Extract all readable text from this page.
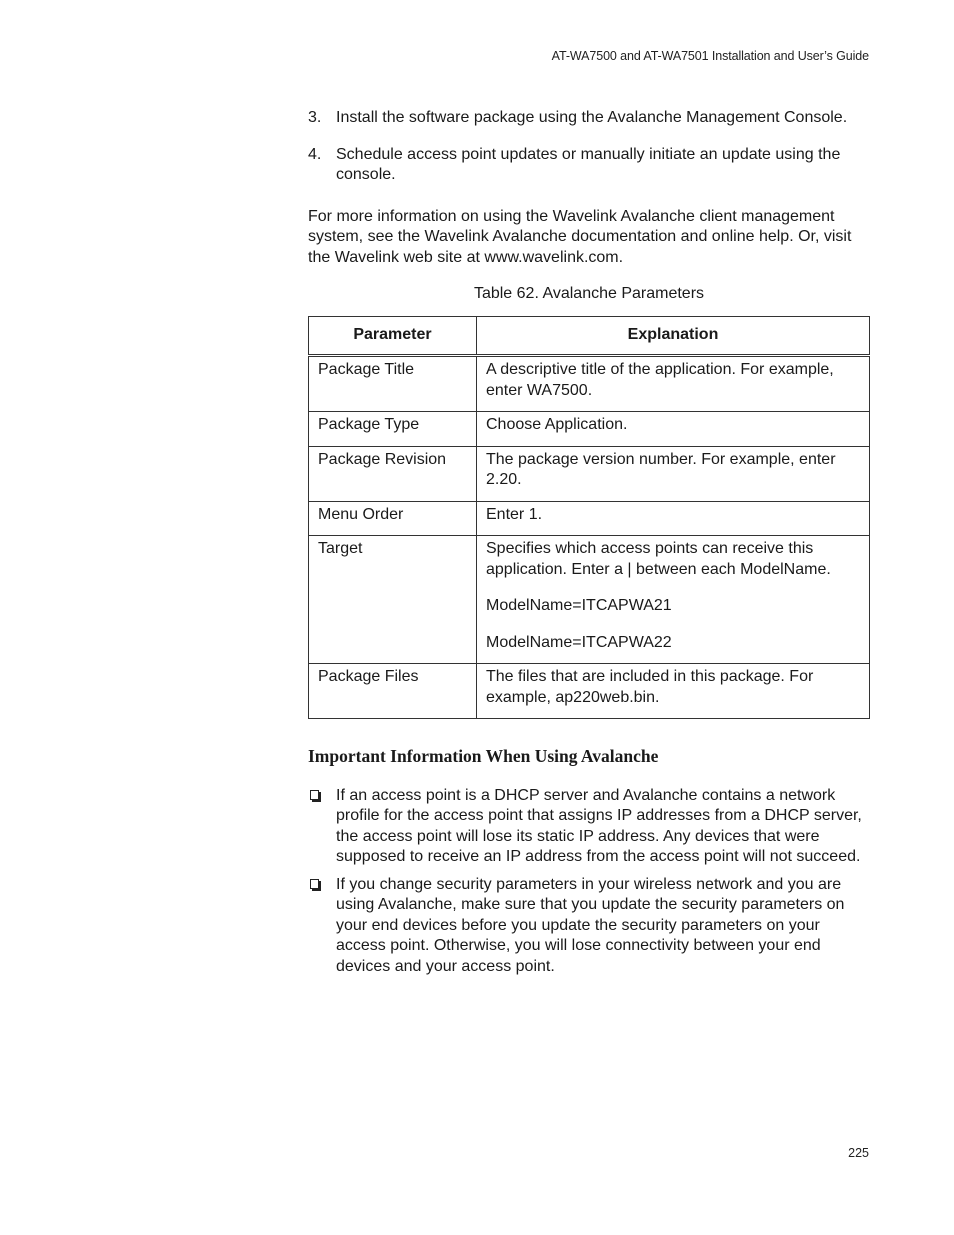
AT-WA7500 and AT-WA7501 Installation and User’s Guide
3. Install the software package using the Avalanche Management Console.
4. Schedule access point updates or manually initiate an update using the console.

For more information on using the Wavelink Avalanche client management system, see the Wavelink Avalanche documentation and online help. Or, visit the Wavelink web site at www.wavelink.com.

Table 62. Avalanche Parameters
Parameter	Explanation
Package Title	A descriptive title of the application. For example, enter WA7500.

Package Type	Choose Application.

Package Revision	The package version number. For example, enter 2.20.

Menu Order	Enter 1.

Target	Specifies which access points can receive this application. Enter a | between each ModelName.

ModelName=ITCAPWA21

ModelName=ITCAPWA22

Package Files	The files that are included in this package. For example, ap220web.bin.

Important Information When Using Avalanche
If an access point is a DHCP server and Avalanche contains a network profile for the access point that assigns IP addresses from a DHCP server, the access point will lose its static IP address. Any devices that were supposed to receive an IP address from the access point will not succeed.
If you change security parameters in your wireless network and you are using Avalanche, make sure that you update the security parameters on your end devices before you update the security parameters on your access point. Otherwise, you will lose connectivity between your end devices and your access point.
225
